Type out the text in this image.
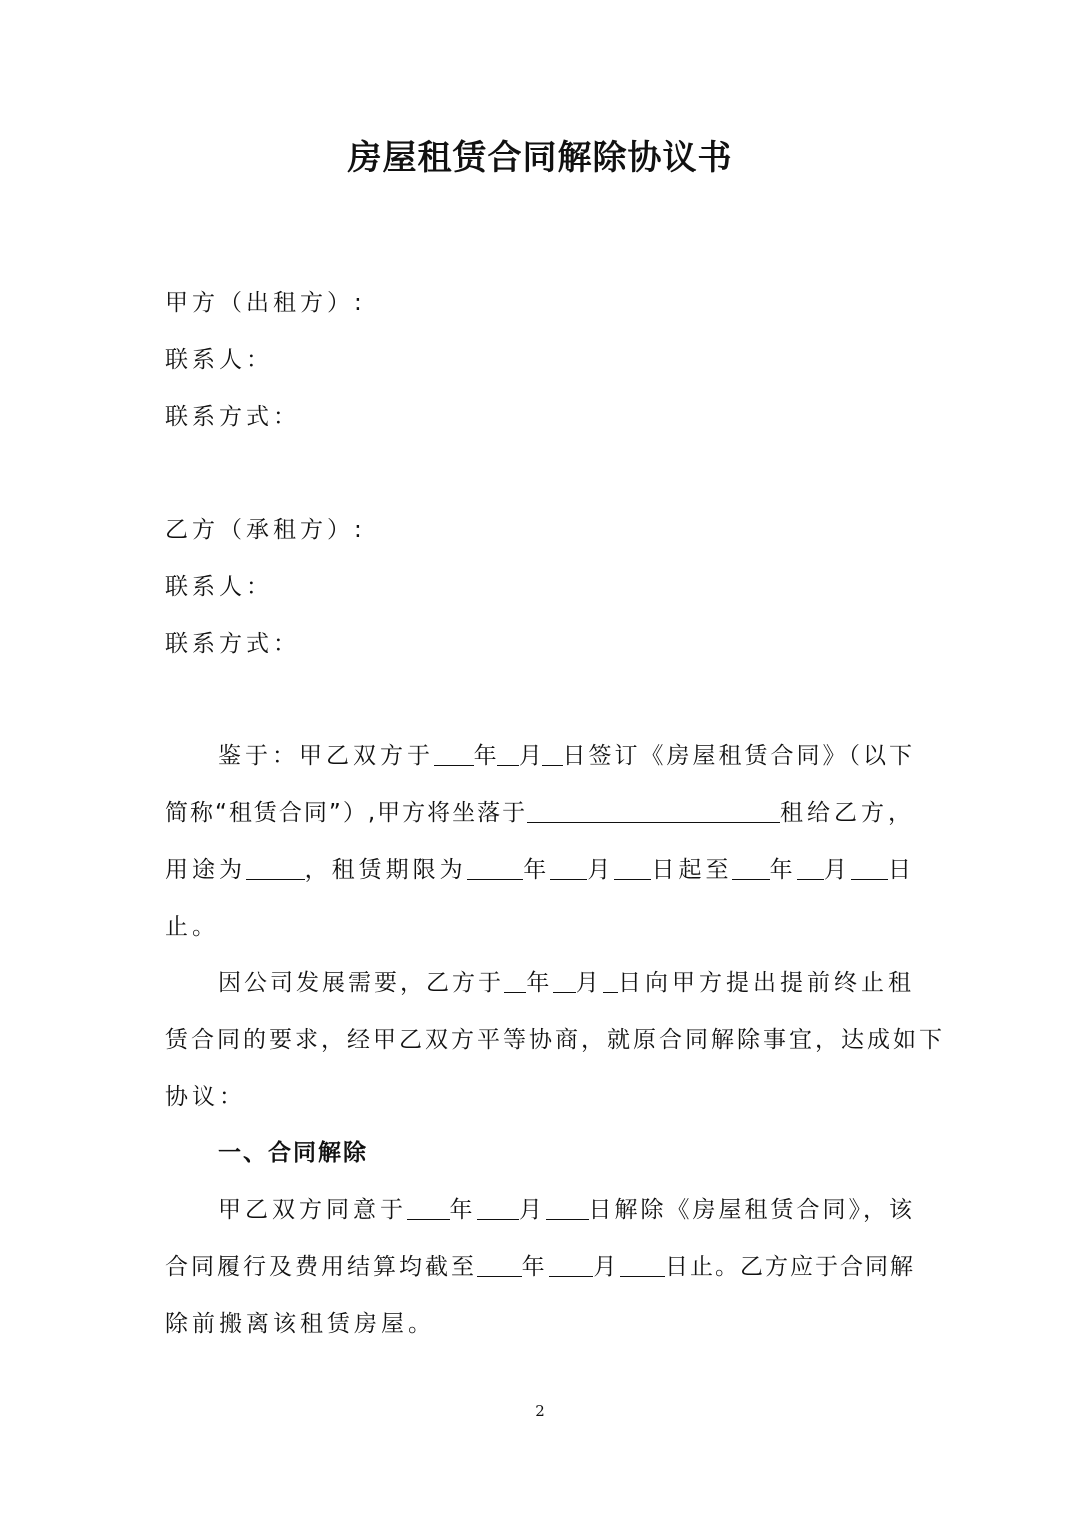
房屋租赁合同解除协议书
甲方（出租方）:
联系人：
联系方式：
乙方（承租方）:
联系人：
联系方式：
鉴于：甲乙双方于 年 月 日签订《房屋租赁合同》（以下
简称“租赁合同”）,甲方将坐落于	租给乙方，
用途为	，租赁期限为 年 月 日起至 年 月 日
止。
因公司发展需要，乙方于 年 月 日向甲方提出提前终止租
赁合同的要求，经甲乙双方平等协商，就原合同解除事宜，达成如下
协议：
一、合同解除
甲乙双方同意于 年 月 日解除《房屋租赁合同》，该
合同履行及费用结算均截至 年 月 日止。乙方应于合同解
除前搬离该租赁房屋。
2
